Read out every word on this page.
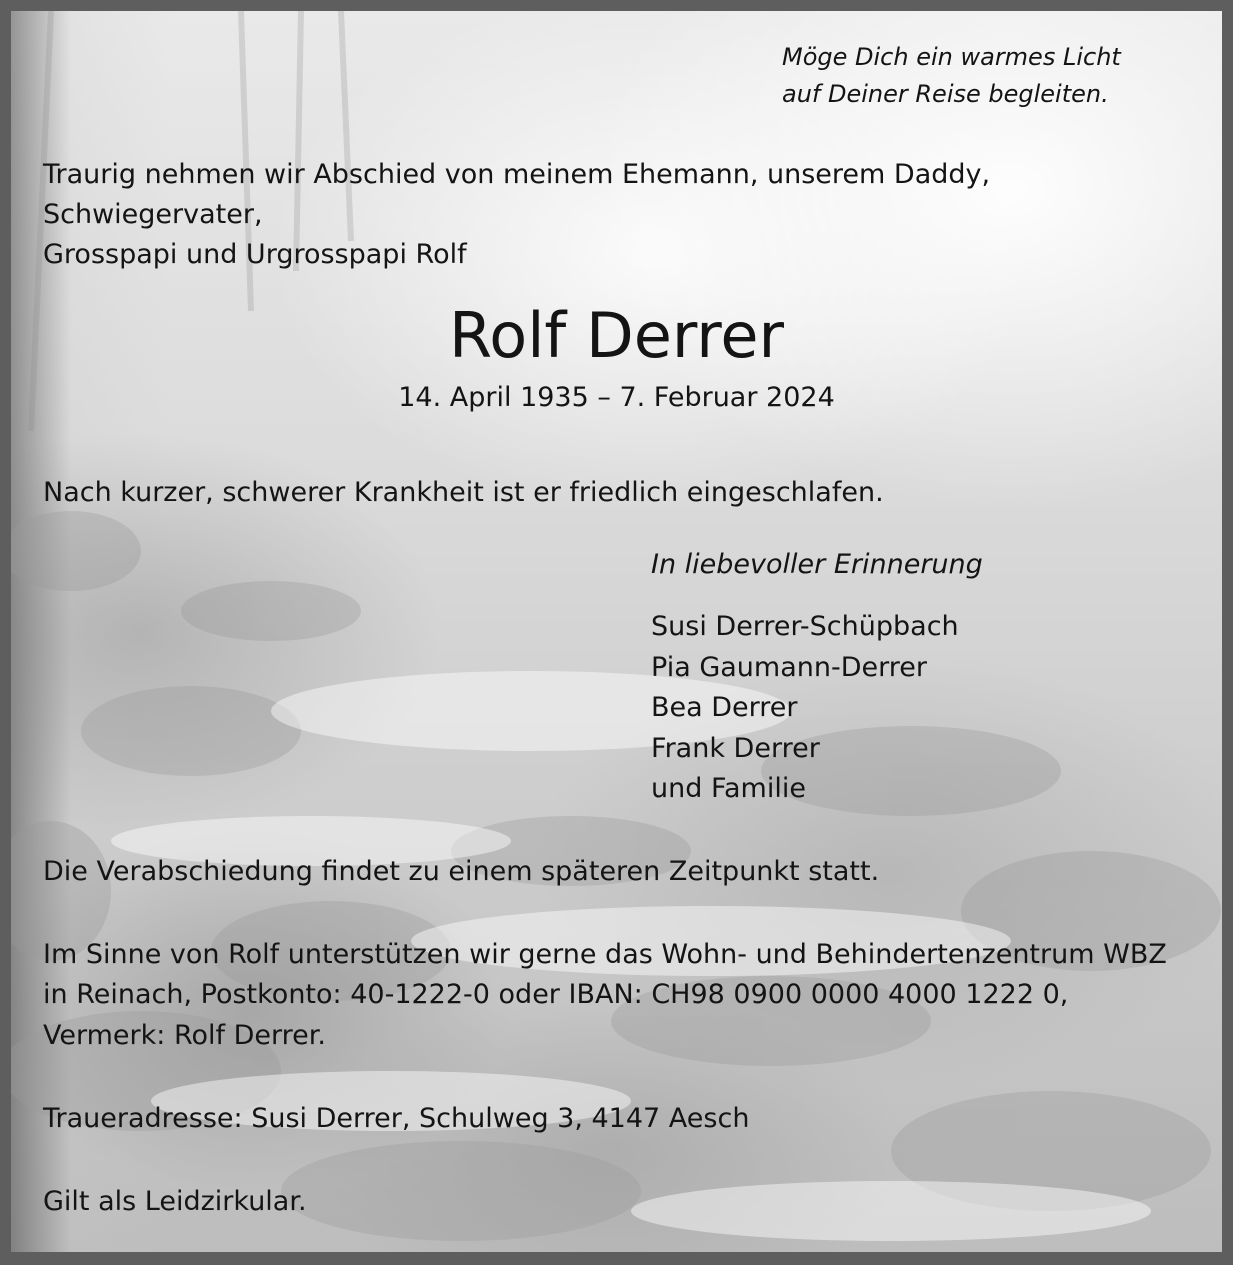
Möge Dich ein warmes Licht
auf Deiner Reise begleiten.
Traurig nehmen wir Abschied von meinem Ehemann, unserem Daddy, Schwiegervater,
Grosspapi und Urgrosspapi Rolf
Rolf Derrer
14. April 1935 – 7. Februar 2024
Nach kurzer, schwerer Krankheit ist er friedlich eingeschlafen.
In liebevoller Erinnerung
Susi Derrer-Schüpbach
Pia Gaumann-Derrer
Bea Derrer
Frank Derrer
und Familie
Die Verabschiedung findet zu einem späteren Zeitpunkt statt.
Im Sinne von Rolf unterstützen wir gerne das Wohn- und Behindertenzentrum WBZ
in Reinach, Postkonto: 40-1222-0 oder IBAN: CH98 0900 0000 4000 1222 0,
Vermerk: Rolf Derrer.
Traueradresse: Susi Derrer, Schulweg 3, 4147 Aesch
Gilt als Leidzirkular.
